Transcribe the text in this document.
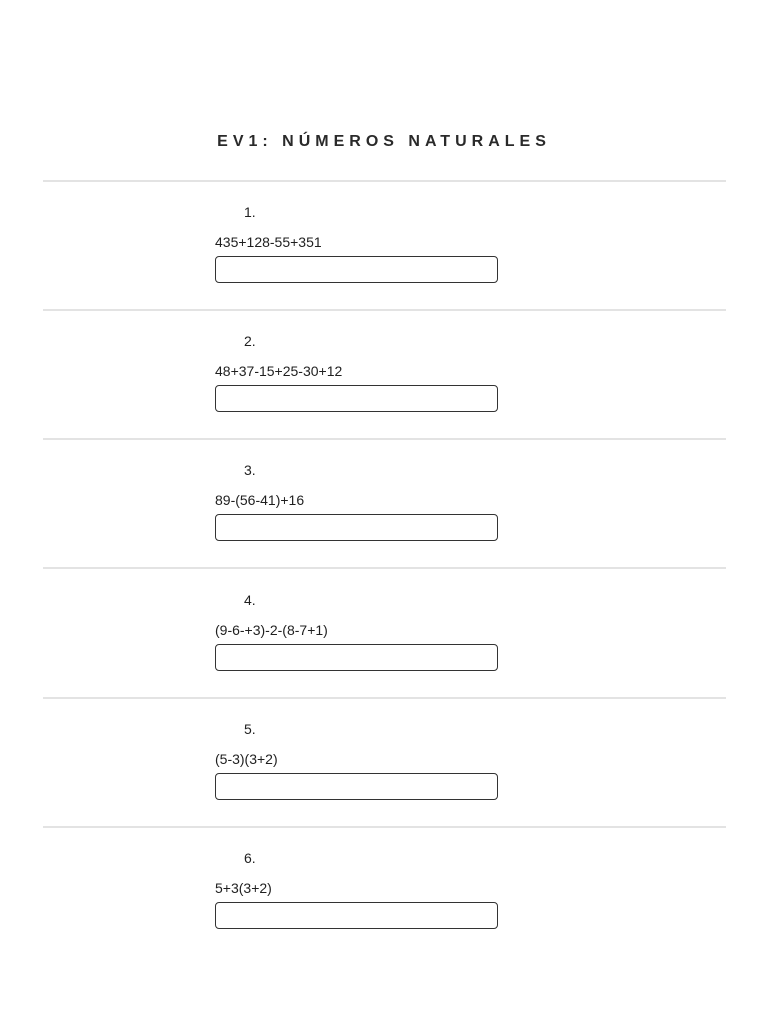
EV1: NÚMEROS NATURALES
1.
435+128-55+351
2.
48+37-15+25-30+12
3.
89-(56-41)+16
4.
(9-6-+3)-2-(8-7+1)
5.
(5-3)(3+2)
6.
5+3(3+2)
